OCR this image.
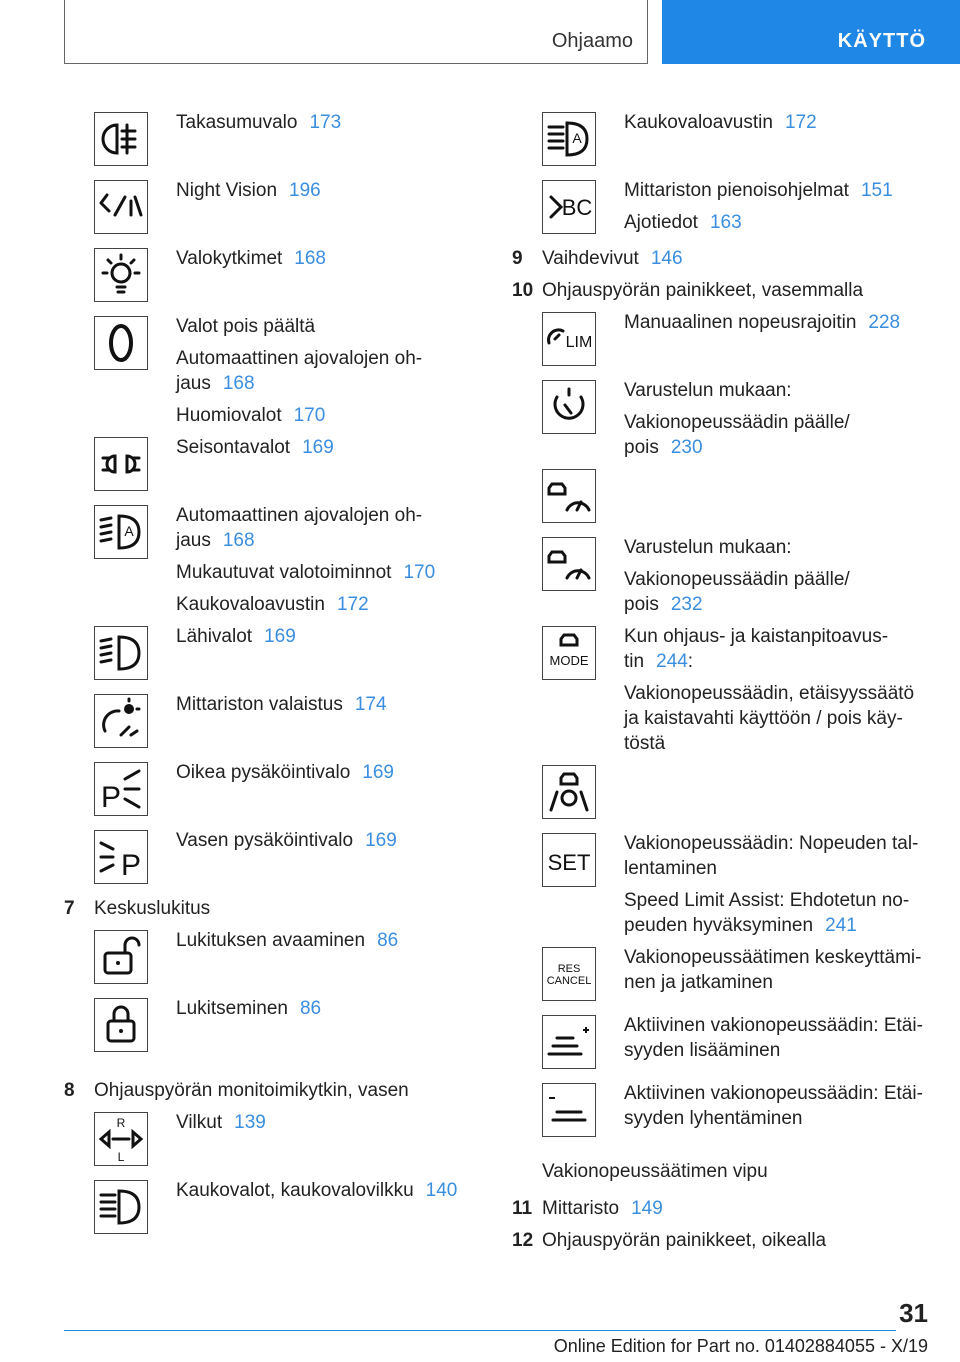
Ohjaamo	KÄYTTÖ
Takasumuvalo 173
Night Vision 196
Valokytkimet 168
Valot pois päältä
Automaattinen ajovalojen oh-
jaus 168
Huomiovalot 170
Seisontavalot 169
A
Automaattinen ajovalojen oh-
jaus 168
Mukautuvat valotoiminnot 170
Kaukovaloavustin 172
Lähivalot 169
Mittariston valaistus 174
P
Oikea pysäköintivalo 169
P
Vasen pysäköintivalo 169
7 Keskuslukitus
Lukituksen avaaminen 86
Lukitseminen 86
8 Ohjauspyörän monitoimikytkin, vasen
R
L
Vilkut 139
Kaukovalot, kaukovalovilkku 140
A
Kaukovaloavustin 172
BC
Mittariston pienoisohjelmat 151
Ajotiedot 163
9 Vaihdevivut 146
10 Ohjauspyörän painikkeet, vasemmalla
LIM
Manuaalinen nopeusrajoitin 228
Varustelun mukaan:
Vakionopeussäädin päälle/
pois 230
Varustelun mukaan:
Vakionopeussäädin päälle/
pois 232
MODE
Kun ohjaus- ja kaistanpitoavus-
tin 244:
Vakionopeussäädin, etäisyyssäätö
ja kaistavahti käyttöön / pois käy-
töstä
SET
Vakionopeussäädin: Nopeuden tal-
lentaminen
Speed Limit Assist: Ehdotetun no-
peuden hyväksyminen 241
RES
CANCEL
Vakionopeussäätimen keskeyttämi-
nen ja jatkaminen
Aktiivinen vakionopeussäädin: Etäi-
syyden lisääminen
Aktiivinen vakionopeussäädin: Etäi-
syyden lyhentäminen
Vakionopeussäätimen vipu
11 Mittaristo 149
12 Ohjauspyörän painikkeet, oikealla
31
Online Edition for Part no. 01402884055 - X/19
